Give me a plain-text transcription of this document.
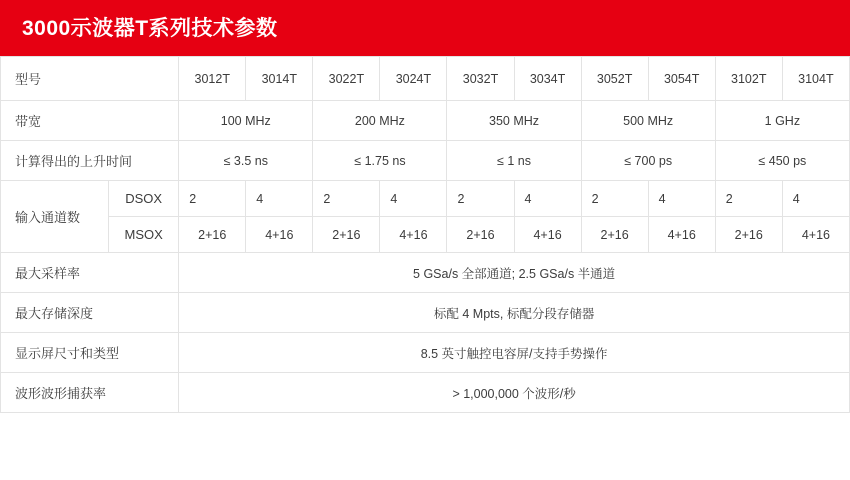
3000示波器T系列技术参数
型号		3012T	3014T	3022T	3024T	3032T	3034T	3052T	3054T	3102T	3104T
带宽		100 MHz		200 MHz		350 MHz		500 MHz		1 GHz	
计算得出的上升时间		≤ 3.5 ns		≤ 1.75 ns		≤ 1 ns		≤ 700 ps		≤ 450 ps	
输入通道数	DSOX	2	4	2	4	2	4	2	4	2	4
	MSOX	2+16	4+16	2+16	4+16	2+16	4+16	2+16	4+16	2+16	4+16
最大采样率		5 GSa/s 全部通道; 2.5 GSa/s 半通道									
最大存储深度		标配 4 Mpts, 标配分段存储器									
显示屏尺寸和类型		8.5 英寸触控电容屏/支持手势操作									
波形波形捕获率		> 1,000,000 个波形/秒									
